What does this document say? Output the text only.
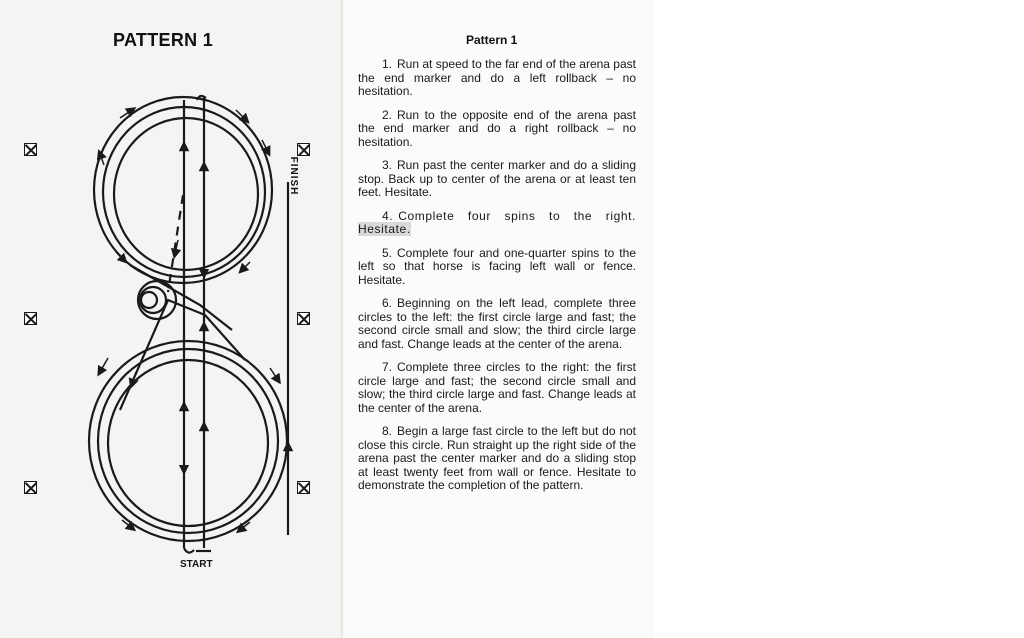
PATTERN 1
FINISH
START
Pattern 1
1. Run at speed to the far end of the arena past the end marker and do a left rollback – no hesitation.
2. Run to the opposite end of the arena past the end marker and do a right rollback – no hesitation.
3. Run past the center marker and do a sliding stop. Back up to center of the arena or at least ten feet. Hesitate.
4. Complete four spins to the right. Hesitate.
5. Complete four and one-quarter spins to the left so that horse is facing left wall or fence. Hesitate.
6. Beginning on the left lead, complete three circles to the left: the first circle large and fast; the second circle small and slow; the third circle large and fast. Change leads at the center of the arena.
7. Complete three circles to the right: the first circle large and fast; the second circle small and slow; the third circle large and fast. Change leads at the center of the arena.
8. Begin a large fast circle to the left but do not close this circle. Run straight up the right side of the arena past the center marker and do a sliding stop at least twenty feet from wall or fence. Hesitate to demonstrate the completion of the pattern.
